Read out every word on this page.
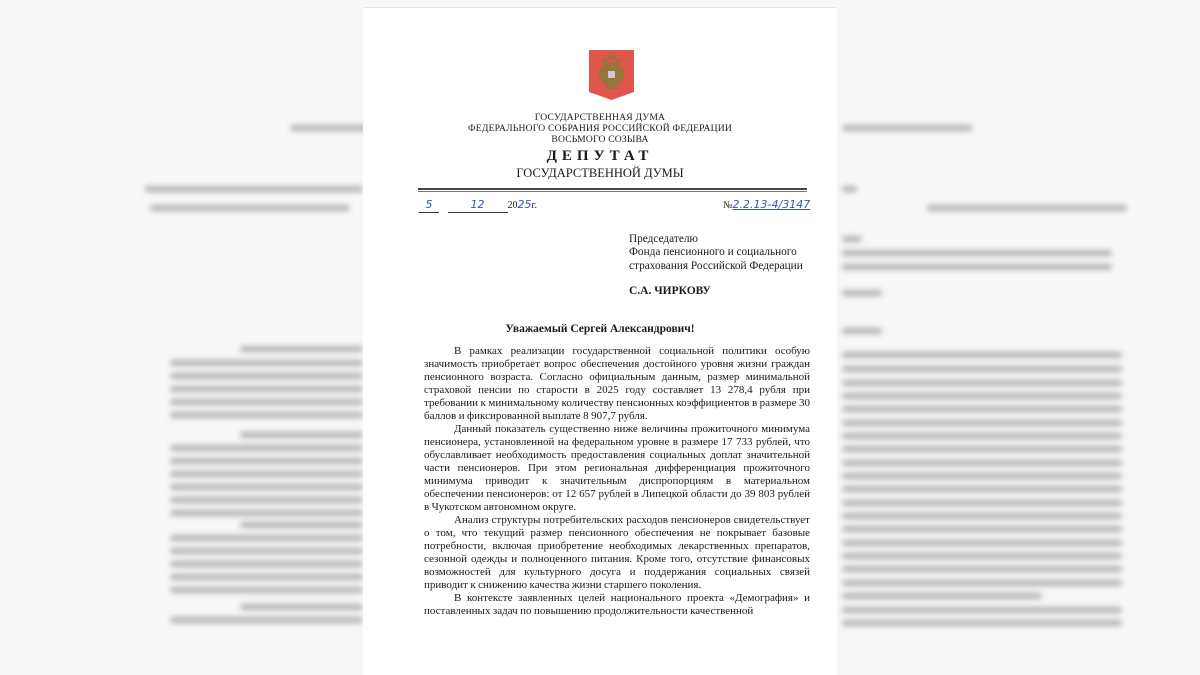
ГОСУДАРСТВЕННАЯ ДУМА
ФЕДЕРАЛЬНОГО СОБРАНИЯ РОССИЙСКОЙ ФЕДЕРАЦИИ
ВОСЬМОГО СОЗЫВА
ДЕПУТАТ
ГОСУДАРСТВЕННОЙ ДУМЫ
5	12 2025г.	№2.2.13-4/3147
Председателю
Фонда пенсионного и социального
страхования Российской Федерации
С.А. ЧИРКОВУ
Уважаемый Сергей Александрович!

В рамках реализации государственной социальной политики особую значимость приобретает вопрос обеспечения достойного уровня жизни граждан пенсионного возраста. Согласно официальным данным, размер минимальной страховой пенсии по старости в 2025 году составляет 13 278,4 рубля при требовании к минимальному количеству пенсионных коэффициентов в размере 30 баллов и фиксированной выплате 8 907,7 рубля.

Данный показатель существенно ниже величины прожиточного минимума пенсионера, установленной на федеральном уровне в размере 17 733 рублей, что обуславливает необходимость предоставления социальных доплат значительной части пенсионеров. При этом региональная дифференциация прожиточного минимума приводит к значительным диспропорциям в материальном обеспечении пенсионеров: от 12 657 рублей в Липецкой области до 39 803 рублей в Чукотском автономном округе.

Анализ структуры потребительских расходов пенсионеров свидетельствует о том, что текущий размер пенсионного обеспечения не покрывает базовые потребности, включая приобретение необходимых лекарственных препаратов, сезонной одежды и полноценного питания. Кроме того, отсутствие финансовых возможностей для культурного досуга и поддержания социальных связей приводит к снижению качества жизни старшего поколения.

В контексте заявленных целей национального проекта «Демография» и поставленных задач по повышению продолжительности качественной
